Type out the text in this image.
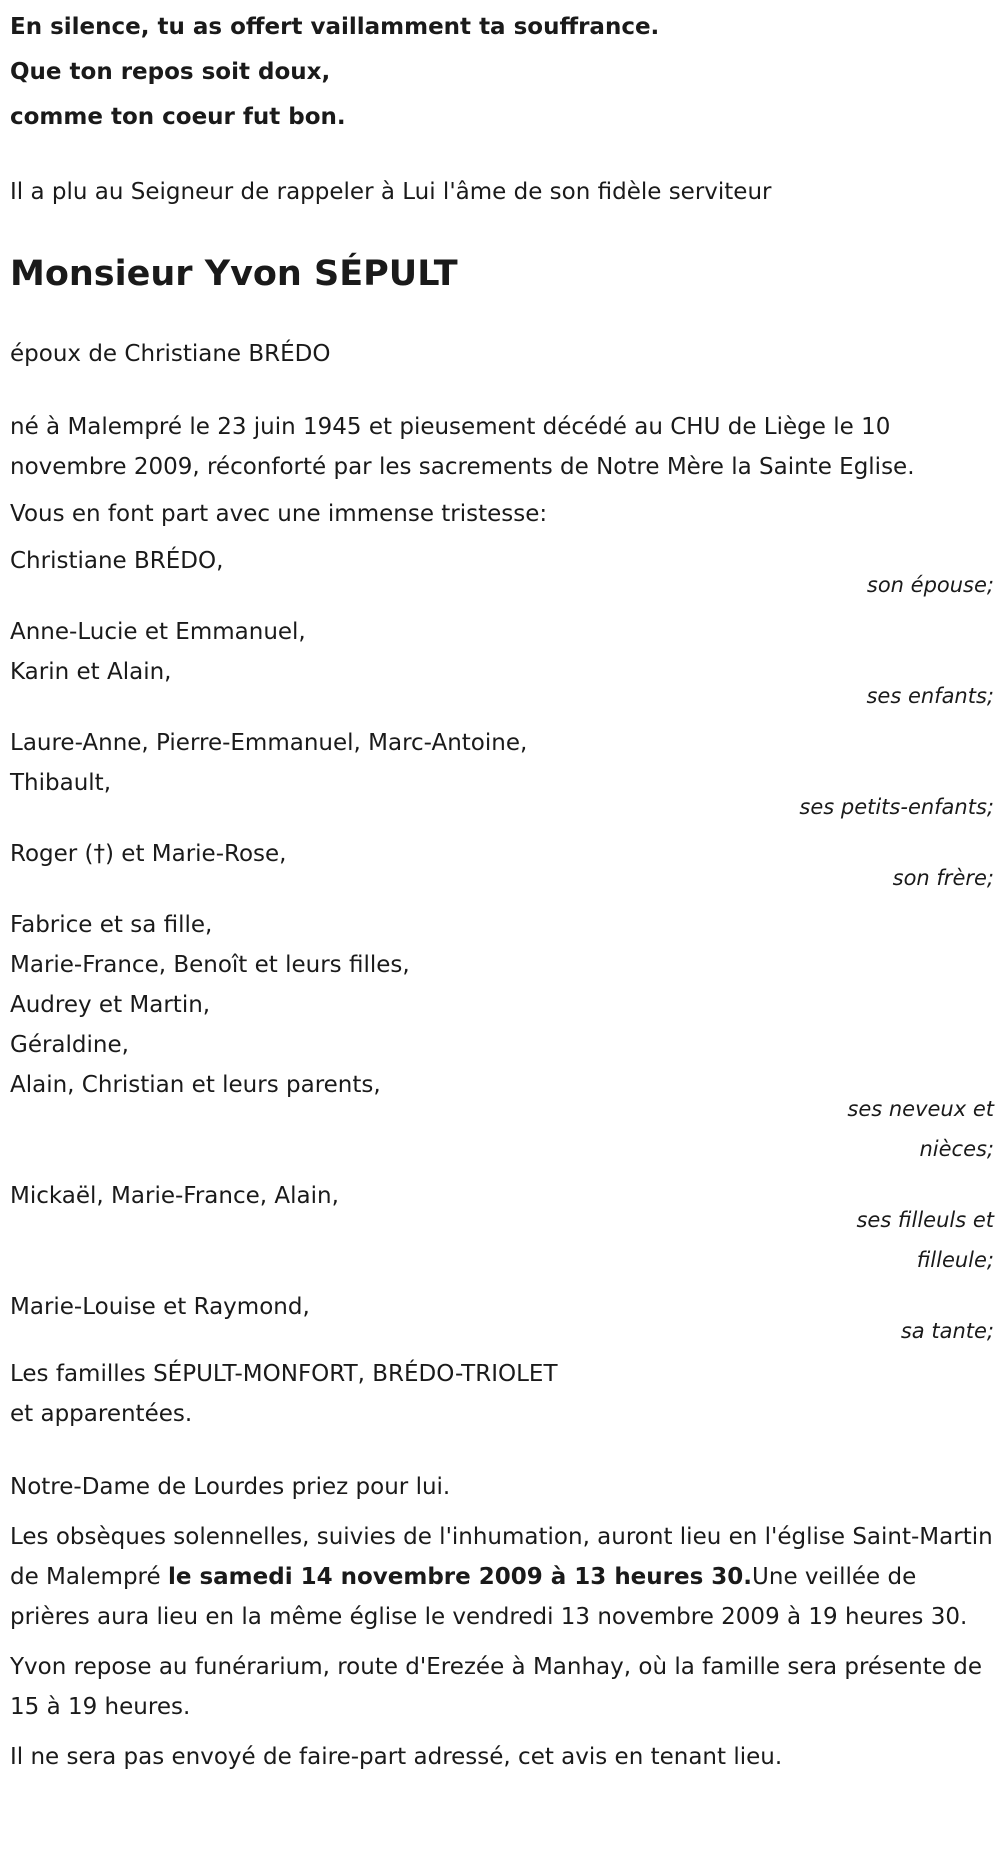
En silence, tu as offert vaillamment ta souffrance.

Que ton repos soit doux,

comme ton coeur fut bon.

Il a plu au Seigneur de rappeler à Lui l'âme de son fidèle serviteur

Monsieur Yvon SÉPULT

époux de Christiane BRÉDO

né à Malempré le 23 juin 1945 et pieusement décédé au CHU de Liège le 10 novembre 2009, réconforté par les sacrements de Notre Mère la Sainte Eglise.

Vous en font part avec une immense tristesse:

Christiane BRÉDO,
son épouse;
Anne-Lucie et Emmanuel,
Karin et Alain,
ses enfants;
Laure-Anne, Pierre-Emmanuel, Marc-Antoine,
Thibault,
ses petits-enfants;
Roger (†) et Marie-Rose,
son frère;
Fabrice et sa fille,
Marie-France, Benoît et leurs filles,
Audrey et Martin,
Géraldine,
Alain, Christian et leurs parents,
ses neveux et nièces;
Mickaël, Marie-France, Alain,
ses filleuls et filleule;
Marie-Louise et Raymond,
sa tante;
Les familles SÉPULT-MONFORT, BRÉDO-TRIOLET
et apparentées.

Notre-Dame de Lourdes priez pour lui.

Les obsèques solennelles, suivies de l'inhumation, auront lieu en l'église Saint-Martin de Malempré le samedi 14 novembre 2009 à 13 heures 30.Une veillée de prières aura lieu en la même église le vendredi 13 novembre 2009 à 19 heures 30.

Yvon repose au funérarium, route d'Erezée à Manhay, où la famille sera présente de 15 à 19 heures.

Il ne sera pas envoyé de faire-part adressé, cet avis en tenant lieu.
